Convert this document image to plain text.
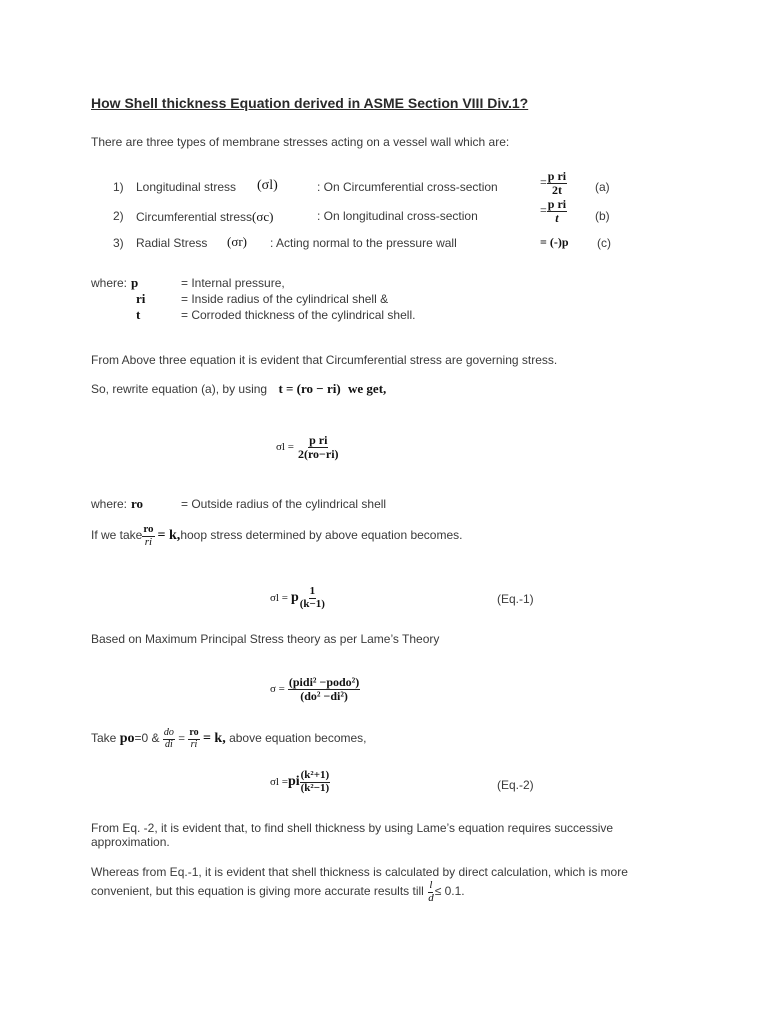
How Shell thickness Equation derived in ASME Section VIII Div.1?
There are three types of membrane stresses acting on a vessel wall which are:
1) Longitudinal stress (σl)	: On Circumferential cross-section	= $\frac{\text{p ri}}{2t} (a)$
2) Circumferential stress(σc)	: On longitudinal cross-section	= $\frac{\text{p ri}}{t} (b)$
3) Radial Stress (σr) : Acting normal to the pressure wall	= (-)p (c)
where: p	= Internal pressure,
ri	= Inside radius of the cylindrical shell &
t	= Corroded thickness of the cylindrical shell.
From Above three equation it is evident that Circumferential stress are governing stress.
So, rewrite equation (a), by using t = (ro − ri) we get,
$\sigma l = \frac{\text{p ri}}{2(ro-ri)}$
where: ro	= Outside radius of the cylindrical shell
If we take $\frac{ro}{ri}$ = k,hoop stress determined by above equation becomes.
σl = p $\frac{1}{(k-1)}$	(Eq.-1)
Based on Maximum Principal Stress theory as per Lame’s Theory
$\sigma = \frac{\text{(pidi² −podo²)}}{\text{(do² −di²)}}$
Take po=0 & $\frac{do}{di} = \frac{ro}{ri} = k$, above equation becomes,
$\sigma l =pi \frac{\text{(k²+1)}}{\text{(k²−1)}}$	(Eq.-2)
From Eq. -2, it is evident that, to find shell thickness by using Lame’s equation requires successive
approximation.
Whereas from Eq.-1, it is evident that shell thickness is calculated by direct calculation, which is more
convenient, but this equation is giving more accurate results till $\frac{l}{d} \le 0.1$.
